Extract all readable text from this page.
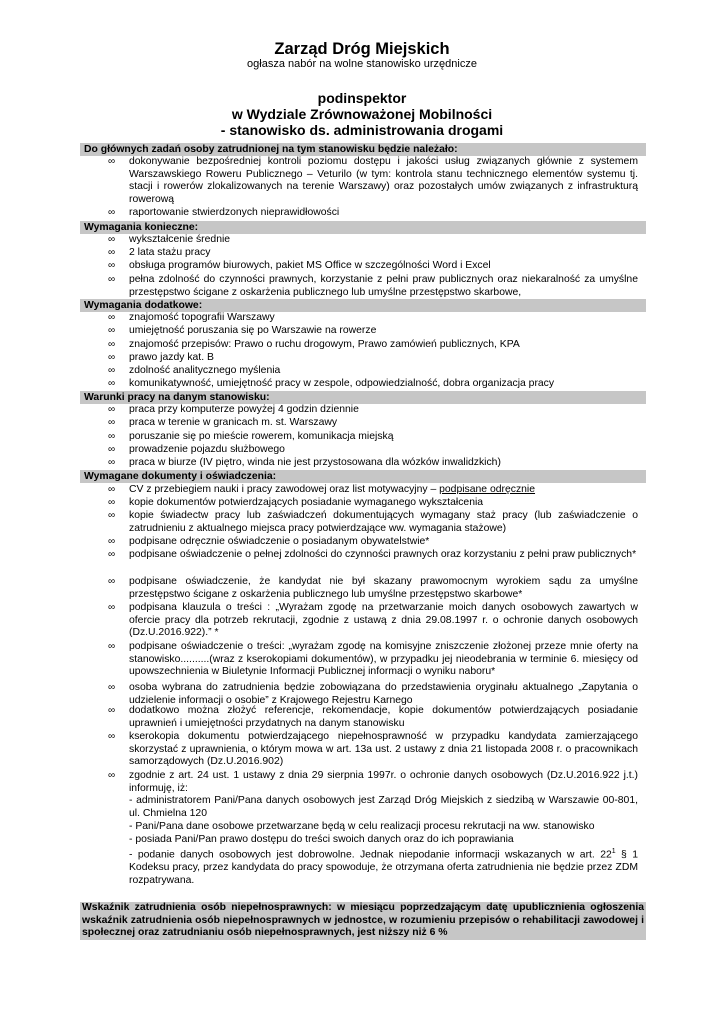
Zarząd Dróg Miejskich
ogłasza nabór na wolne stanowisko urzędnicze
podinspektor
w Wydziale Zrównoważonej Mobilności
- stanowisko ds. administrowania drogami
Do głównych zadań osoby zatrudnionej na tym stanowisku będzie należało:
∞	dokonywanie bezpośredniej kontroli poziomu dostępu i jakości usług związanych głównie z systemem Warszawskiego Roweru Publicznego – Veturilo (w tym: kontrola stanu technicznego elementów systemu tj. stacji i rowerów zlokalizowanych na terenie Warszawy) oraz pozostałych umów związanych z infrastrukturą rowerową
∞	raportowanie stwierdzonych nieprawidłowości
Wymagania konieczne:
∞	wykształcenie średnie
∞	2 lata stażu pracy
∞	obsługa programów biurowych, pakiet MS Office w szczególności Word i Excel
∞	pełna zdolność do czynności prawnych, korzystanie z pełni praw publicznych oraz niekaralność za umyślne przestępstwo ścigane z oskarżenia publicznego lub umyślne przestępstwo skarbowe,
Wymagania dodatkowe:
∞	znajomość topografii Warszawy
∞	umiejętność poruszania się po Warszawie na rowerze
∞	znajomość przepisów: Prawo o ruchu drogowym, Prawo zamówień publicznych, KPA
∞	prawo jazdy kat. B
∞	zdolność analitycznego myślenia
∞	komunikatywność, umiejętność pracy w zespole, odpowiedzialność, dobra organizacja pracy
Warunki pracy na danym stanowisku:
∞	praca przy komputerze powyżej 4 godzin dziennie
∞	praca w terenie w granicach m. st. Warszawy
∞	poruszanie się po mieście rowerem, komunikacja miejską
∞	prowadzenie pojazdu służbowego
∞	praca w biurze (IV piętro, winda nie jest przystosowana dla wózków inwalidzkich)
Wymagane dokumenty i oświadczenia:
∞	CV z przebiegiem nauki i pracy zawodowej oraz list motywacyjny – podpisane odręcznie
∞	kopie dokumentów potwierdzających posiadanie wymaganego wykształcenia
∞	kopie świadectw pracy lub zaświadczeń dokumentujących wymagany staż pracy (lub zaświadczenie o zatrudnieniu z aktualnego miejsca pracy potwierdzające ww. wymagania stażowe)
∞	podpisane odręcznie oświadczenie o posiadanym obywatelstwie*
∞	podpisane oświadczenie o pełnej zdolności do czynności prawnych oraz korzystaniu z pełni praw publicznych*
∞	podpisane oświadczenie, że kandydat nie był skazany prawomocnym wyrokiem sądu za umyślne przestępstwo ścigane z oskarżenia publicznego lub umyślne przestępstwo skarbowe*
∞	podpisana klauzula o treści : „Wyrażam zgodę na przetwarzanie moich danych osobowych zawartych w ofercie pracy dla potrzeb rekrutacji, zgodnie z ustawą z dnia 29.08.1997 r. o ochronie danych osobowych (Dz.U.2016.922).” *
∞	podpisane oświadczenie o treści: „wyrażam zgodę na komisyjne zniszczenie złożonej przeze mnie oferty na stanowisko..........(wraz z kserokopiami dokumentów), w przypadku jej nieodebrania w terminie 6. miesięcy od upowszechnienia w Biuletynie Informacji Publicznej informacji o wyniku naboru*
∞	osoba wybrana do zatrudnienia będzie zobowiązana do przedstawienia oryginału aktualnego „Zapytania o udzielenie informacji o osobie” z Krajowego Rejestru Karnego
∞	dodatkowo można złożyć referencje, rekomendacje, kopie dokumentów potwierdzających posiadanie uprawnień i umiejętności przydatnych na danym stanowisku
∞	kserokopia dokumentu potwierdzającego niepełnosprawność w przypadku kandydata zamierzającego skorzystać z uprawnienia, o którym mowa w art. 13a ust. 2 ustawy z dnia 21 listopada 2008 r. o pracownikach samorządowych (Dz.U.2016.902)
∞	zgodnie z art. 24 ust. 1 ustawy z dnia 29 sierpnia 1997r. o ochronie danych osobowych (Dz.U.2016.922 j.t.) informuję, iż:
- administratorem Pani/Pana danych osobowych jest Zarząd Dróg Miejskich z siedzibą w Warszawie 00-801, ul. Chmielna 120
- Pani/Pana dane osobowe przetwarzane będą w celu realizacji procesu rekrutacji na ww. stanowisko
- posiada Pani/Pan prawo dostępu do treści swoich danych oraz do ich poprawiania
- podanie danych osobowych jest dobrowolne. Jednak niepodanie informacji wskazanych w art. $22^1$ § 1 Kodeksu pracy, przez kandydata do pracy spowoduje, że otrzymana oferta zatrudnienia nie będzie przez ZDM rozpatrywana.
Wskaźnik zatrudnienia osób niepełnosprawnych: w miesiącu poprzedzającym datę upublicznienia ogłoszenia wskaźnik zatrudnienia osób niepełnosprawnych w jednostce, w rozumieniu przepisów o rehabilitacji zawodowej i społecznej oraz zatrudnianiu osób niepełnosprawnych, jest niższy niż 6 %
